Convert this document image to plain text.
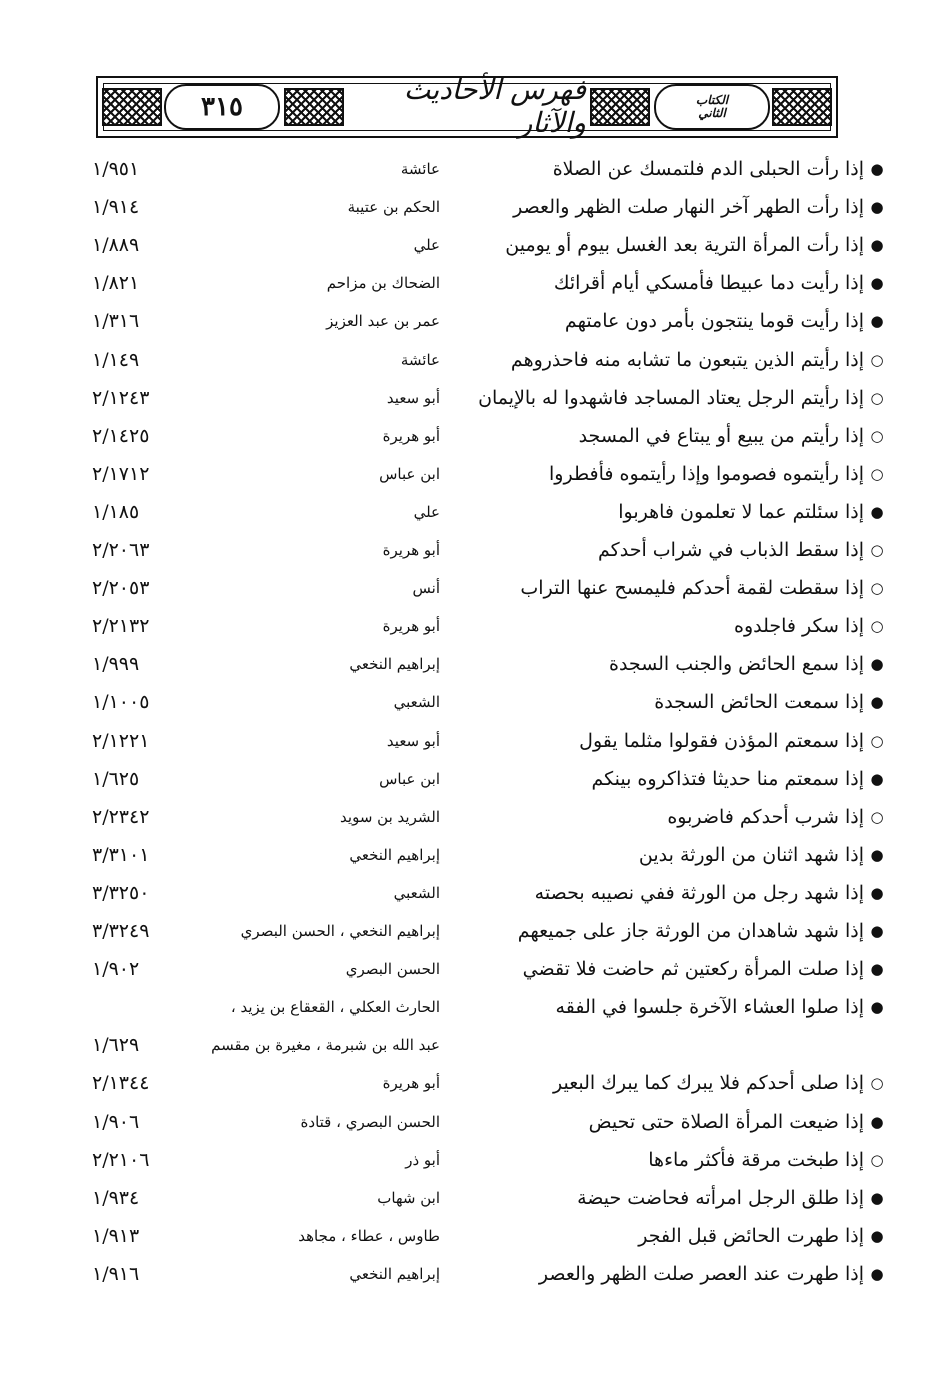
٣١٥
فهرس الأحاديث والآثار
الكتاب
الثاني
●
إذا رأت الحبلى الدم فلتمسك عن الصلاة
عائشة
١/٩٥١
●
إذا رأت الطهر آخر النهار صلت الظهر والعصر
الحكم بن عتيبة
١/٩١٤
●
إذا رأت المرأة الترية بعد الغسل بيوم أو يومين
علي
١/٨٨٩
●
إذا رأيت دما عبيطا فأمسكي أيام أقرائك
الضحاك بن مزاحم
١/٨٢١
●
إذا رأيت قوما ينتجون بأمر دون عامتهم
عمر بن عبد العزيز
١/٣١٦
○
إذا رأيتم الذين يتبعون ما تشابه منه فاحذروهم
عائشة
١/١٤٩
○
إذا رأيتم الرجل يعتاد المساجد فاشهدوا له بالإيمان
أبو سعيد
٢/١٢٤٣
○
إذا رأيتم من يبيع أو يبتاع في المسجد
أبو هريرة
٢/١٤٢٥
○
إذا رأيتموه فصوموا وإذا رأيتموه فأفطروا
ابن عباس
٢/١٧١٢
●
إذا سئلتم عما لا تعلمون فاهربوا
علي
١/١٨٥
○
إذا سقط الذباب في شراب أحدكم
أبو هريرة
٢/٢٠٦٣
○
إذا سقطت لقمة أحدكم فليمسح عنها التراب
أنس
٢/٢٠٥٣
○
إذا سكر فاجلدوه
أبو هريرة
٢/٢١٣٢
●
إذا سمع الحائض والجنب السجدة
إبراهيم النخعي
١/٩٩٩
●
إذا سمعت الحائض السجدة
الشعبي
١/١٠٠٥
○
إذا سمعتم المؤذن فقولوا مثلما يقول
أبو سعيد
٢/١٢٢١
●
إذا سمعتم منا حديثا فتذاكروه بينكم
ابن عباس
١/٦٢٥
○
إذا شرب أحدكم فاضربوه
الشريد بن سويد
٢/٢٣٤٢
●
إذا شهد اثنان من الورثة بدين
إبراهيم النخعي
٣/٣١٠١
●
إذا شهد رجل من الورثة ففي نصيبه بحصته
الشعبي
٣/٣٢٥٠
●
إذا شهد شاهدان من الورثة جاز على جميعهم
إبراهيم النخعي ، الحسن البصري
٣/٣٢٤٩
●
إذا صلت المرأة ركعتين ثم حاضت فلا تقضي
الحسن البصري
١/٩٠٢
●
إذا صلوا العشاء الآخرة جلسوا في الفقه
الحارث العكلي ، القعقاع بن يزيد ،
عبد الله بن شبرمة ، مغيرة بن مقسم
١/٦٢٩
○
إذا صلى أحدكم فلا يبرك كما يبرك البعير
أبو هريرة
٢/١٣٤٤
●
إذا ضيعت المرأة الصلاة حتى تحيض
الحسن البصري ، قتادة
١/٩٠٦
○
إذا طبخت مرقة فأكثر ماءها
أبو ذر
٢/٢١٠٦
●
إذا طلق الرجل امرأته فحاضت حيضة
ابن شهاب
١/٩٣٤
●
إذا طهرت الحائض قبل الفجر
طاوس ، عطاء ، مجاهد
١/٩١٣
●
إذا طهرت عند العصر صلت الظهر والعصر
إبراهيم النخعي
١/٩١٦
